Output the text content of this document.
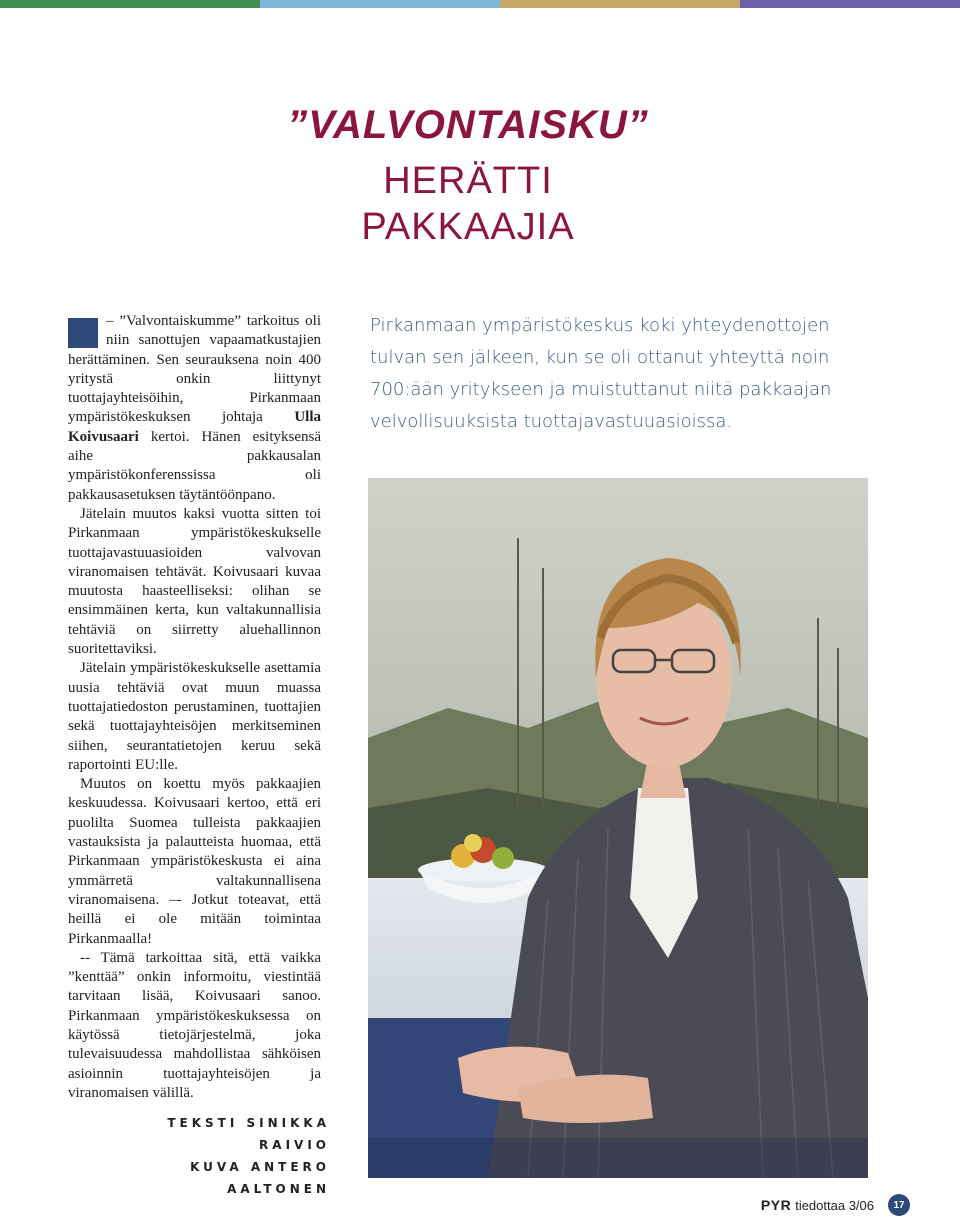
”VALVONTAISKU”
HERÄTTI
PAKKAAJIA

– ”Valvontaiskumme” tarkoitus oli niin sanottujen vapaamatkustajien herättäminen. Sen seurauksena noin 400 yritystä onkin liittynyt tuottajayhteisöihin, Pirkanmaan ympäristökeskuksen johtaja Ulla Koivusaari kertoi. Hänen esityksensä aihe pakkausalan ympäristökonferenssissa oli pakkausasetuksen täytäntöönpano.

Jätelain muutos kaksi vuotta sitten toi Pirkanmaan ympäristökeskukselle tuottajavastuuasioiden valvovan viranomaisen tehtävät. Koivusaari kuvaa muutosta haasteelliseksi: olihan se ensimmäinen kerta, kun valtakunnallisia tehtäviä on siirretty aluehallinnon suoritettaviksi.

Jätelain ympäristökeskukselle asettamia uusia tehtäviä ovat muun muassa tuottajatiedoston perustaminen, tuottajien sekä tuottajayhteisöjen merkitseminen siihen, seurantatietojen keruu sekä raportointi EU:lle.

Muutos on koettu myös pakkaajien keskuudessa. Koivusaari kertoo, että eri puolilta Suomea tulleista pakkaajien vastauksista ja palautteista huomaa, että Pirkanmaan ympäristökeskusta ei aina ymmärretä valtakunnallisena viranomaisena. –- Jotkut toteavat, että heillä ei ole mitään toimintaa Pirkanmaalla!

-- Tämä tarkoittaa sitä, että vaikka ”kenttää” onkin informoitu, viestintää tarvitaan lisää, Koivusaari sanoo. Pirkanmaan ympäristökeskuksessa on käytössä tietojärjestelmä, joka tulevaisuudessa mahdollistaa sähköisen asioinnin tuottajayhteisöjen ja viranomaisen välillä.

Pirkanmaan ympäristökeskus koki yhteydenottojen tulvan sen jälkeen, kun se oli ottanut yhteyttä noin 700:ään yritykseen ja muistuttanut niitä pakkaajan velvollisuuksista tuottajavastuuasioissa.
TEKSTI SINIKKA RAIVIO
KUVA ANTERO AALTONEN
PYR tiedottaa 3/06	17
